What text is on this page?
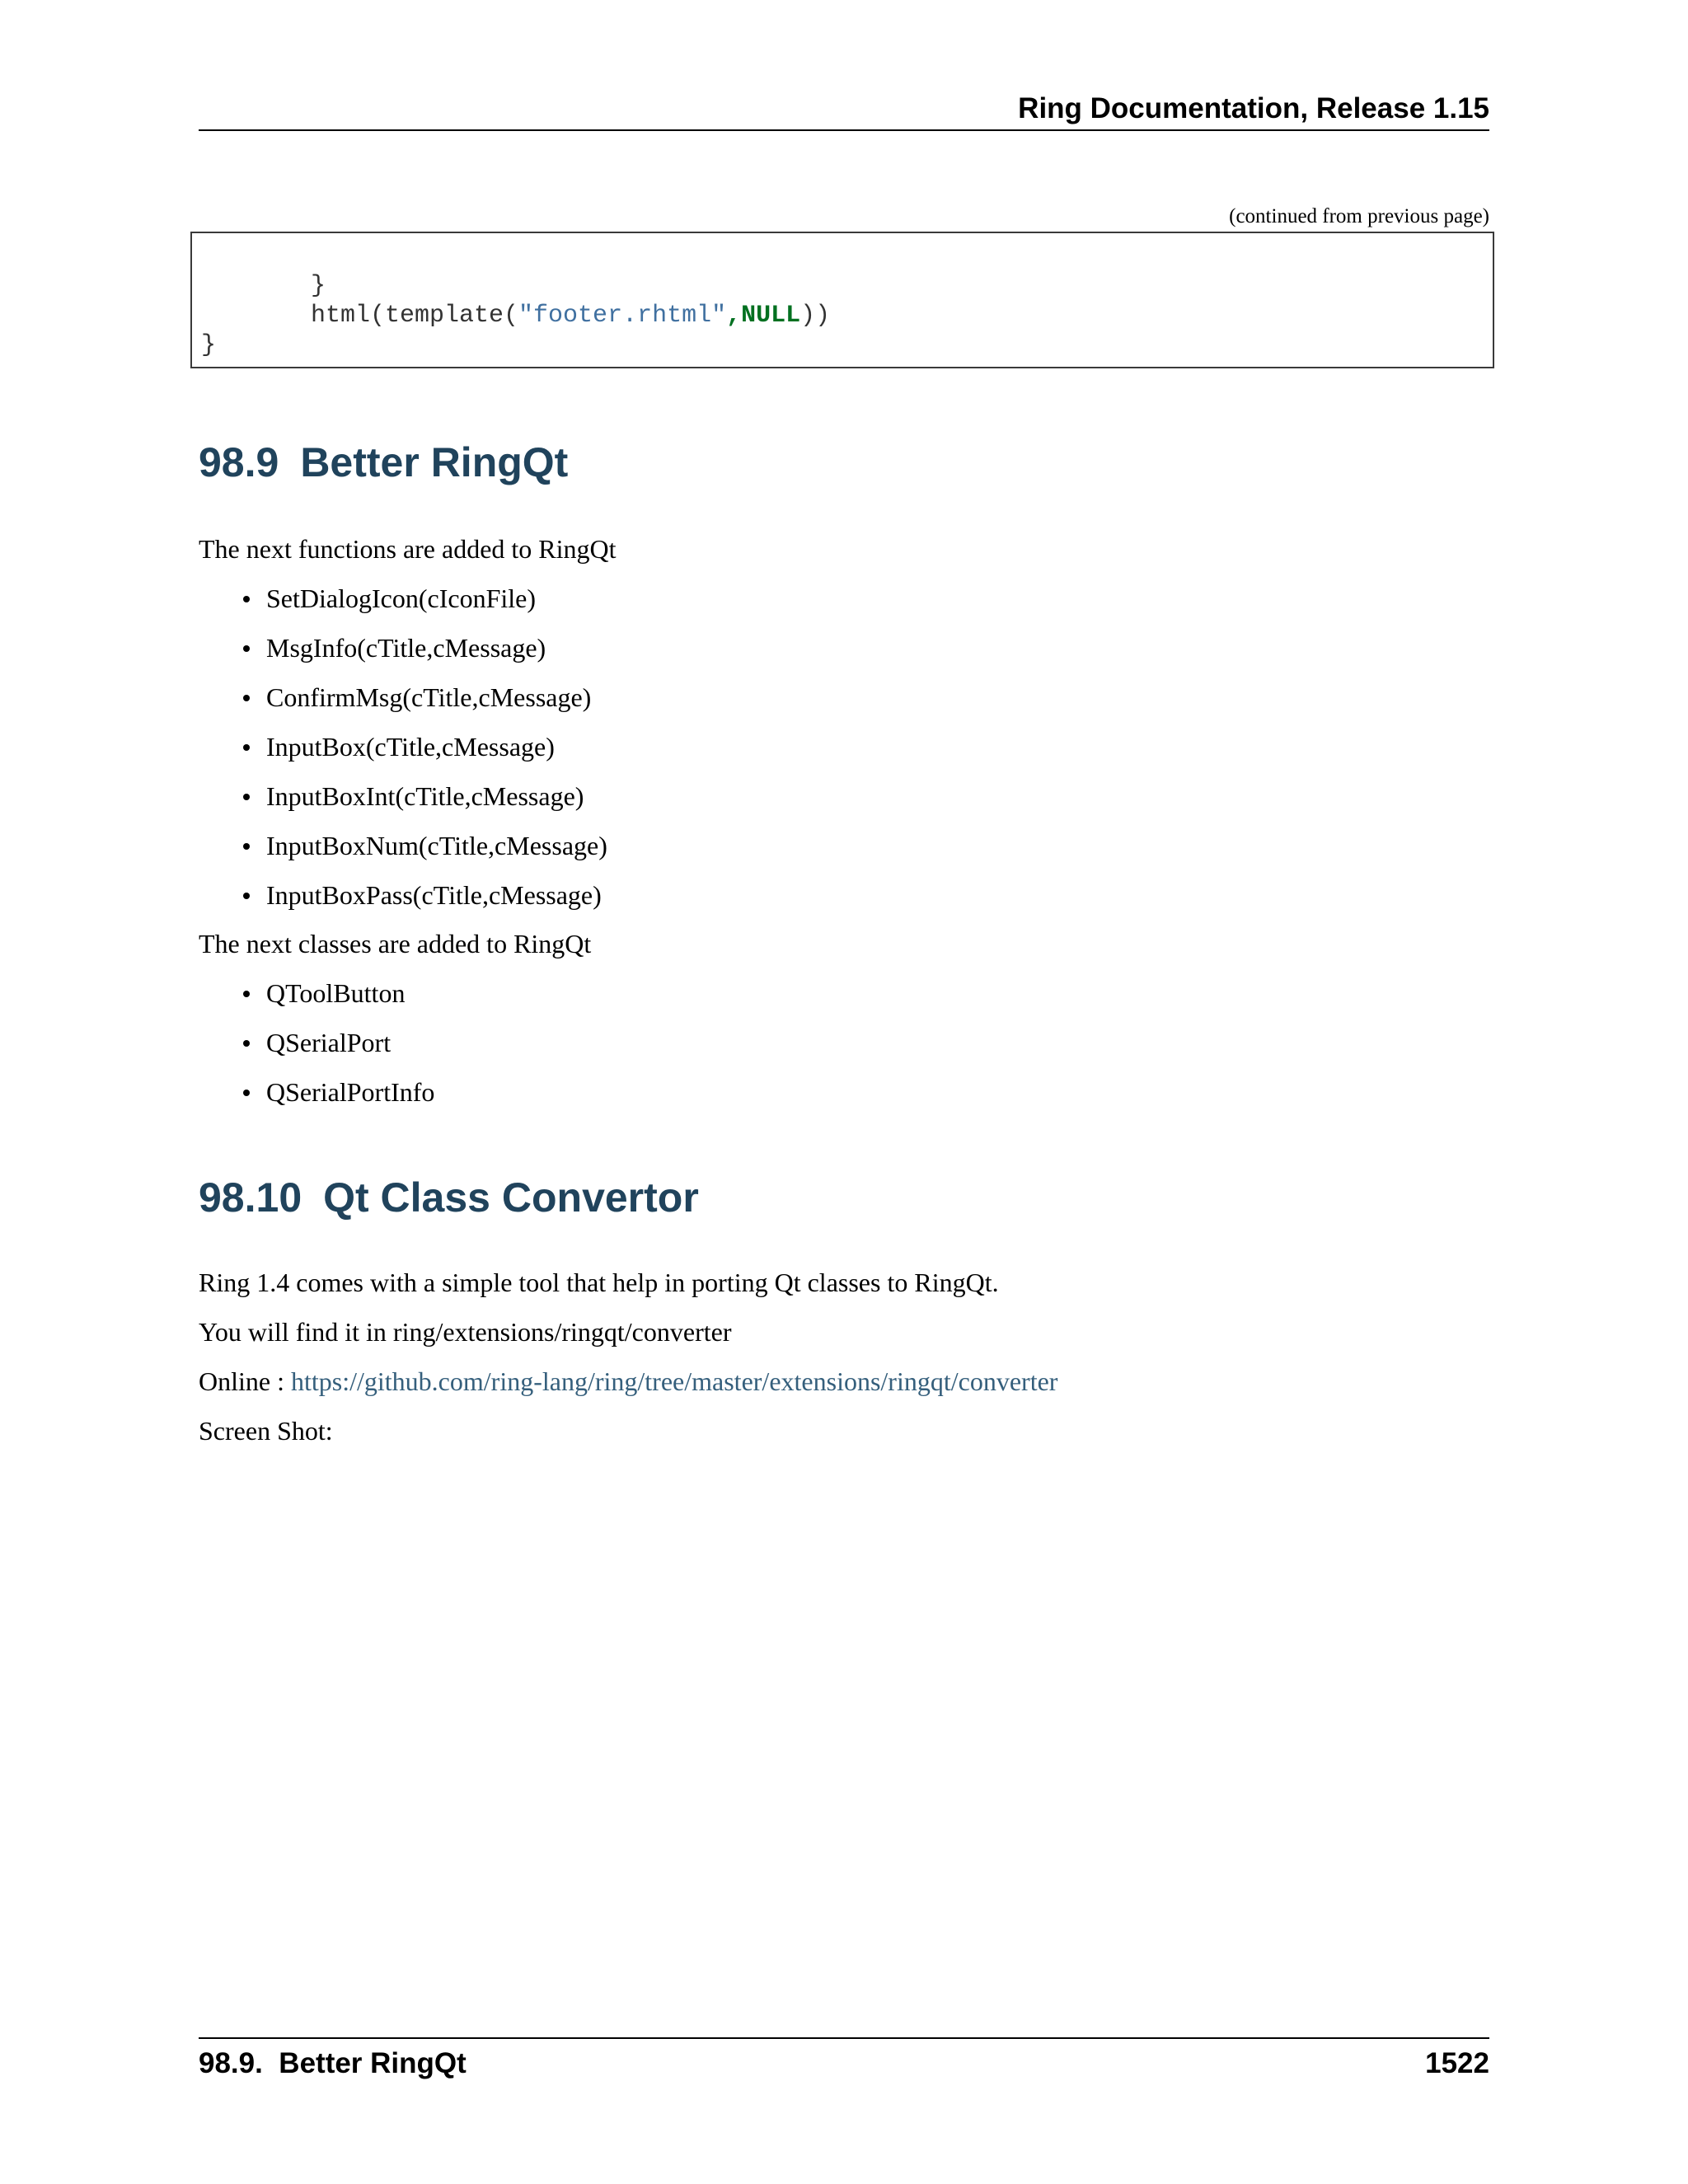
Ring Documentation, Release 1.15
(continued from previous page)
}
html(template("footer.rhtml",NULL))
}
98.9 Better RingQt
The next functions are added to RingQt
SetDialogIcon(cIconFile)
MsgInfo(cTitle,cMessage)
ConfirmMsg(cTitle,cMessage)
InputBox(cTitle,cMessage)
InputBoxInt(cTitle,cMessage)
InputBoxNum(cTitle,cMessage)
InputBoxPass(cTitle,cMessage)
The next classes are added to RingQt
QToolButton
QSerialPort
QSerialPortInfo
98.10 Qt Class Convertor
Ring 1.4 comes with a simple tool that help in porting Qt classes to RingQt.
You will find it in ring/extensions/ringqt/converter
Online : https://github.com/ring-lang/ring/tree/master/extensions/ringqt/converter
Screen Shot:
98.9.  Better RingQt	1522
